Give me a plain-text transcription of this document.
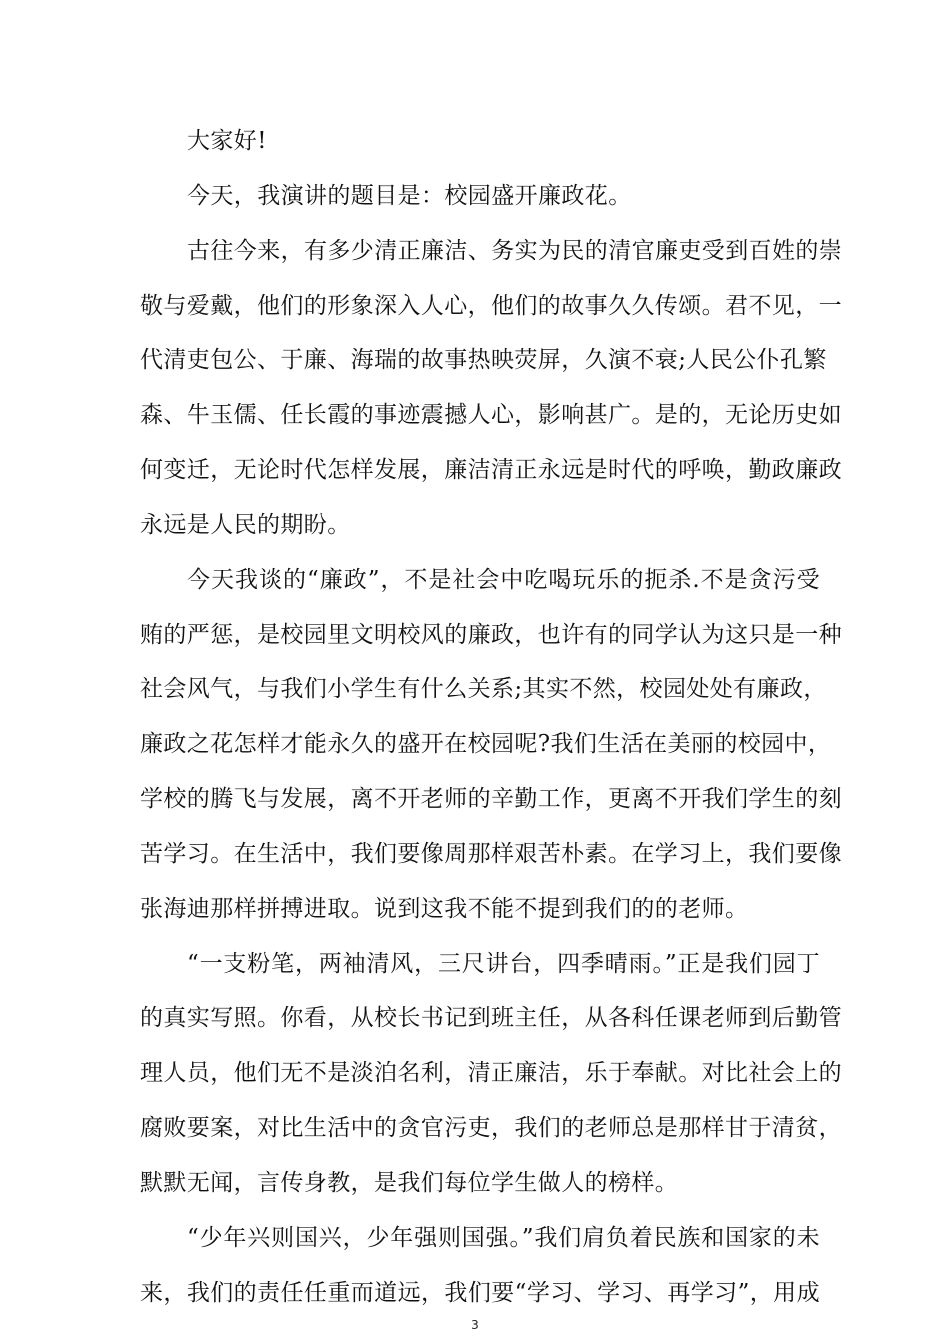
大家好!
今天，我演讲的题目是：校园盛开廉政花。
古往今来，有多少清正廉洁、务实为民的清官廉吏受到百姓的崇
敬与爱戴，他们的形象深入人心，他们的故事久久传颂。君不见，一
代清吏包公、于廉、海瑞的故事热映荧屏，久演不衰;人民公仆孔繁
森、牛玉儒、任长霞的事迹震撼人心，影响甚广。是的，无论历史如
何变迁，无论时代怎样发展，廉洁清正永远是时代的呼唤，勤政廉政
永远是人民的期盼。
今天我谈的“廉政”，不是社会中吃喝玩乐的扼杀.不是贪污受
贿的严惩，是校园里文明校风的廉政，也许有的同学认为这只是一种
社会风气，与我们小学生有什么关系;其实不然，校园处处有廉政，
廉政之花怎样才能永久的盛开在校园呢?我们生活在美丽的校园中，
学校的腾飞与发展，离不开老师的辛勤工作，更离不开我们学生的刻
苦学习。在生活中，我们要像周那样艰苦朴素。在学习上，我们要像
张海迪那样拼搏进取。说到这我不能不提到我们的的老师。
“一支粉笔，两袖清风，三尺讲台，四季晴雨。”正是我们园丁
的真实写照。你看，从校长书记到班主任，从各科任课老师到后勤管
理人员，他们无不是淡泊名利，清正廉洁，乐于奉献。对比社会上的
腐败要案，对比生活中的贪官污吏，我们的老师总是那样甘于清贫，
默默无闻，言传身教，是我们每位学生做人的榜样。
“少年兴则国兴，少年强则国强。”我们肩负着民族和国家的未
来，我们的责任任重而道远，我们要“学习、学习、再学习”，用成
3
